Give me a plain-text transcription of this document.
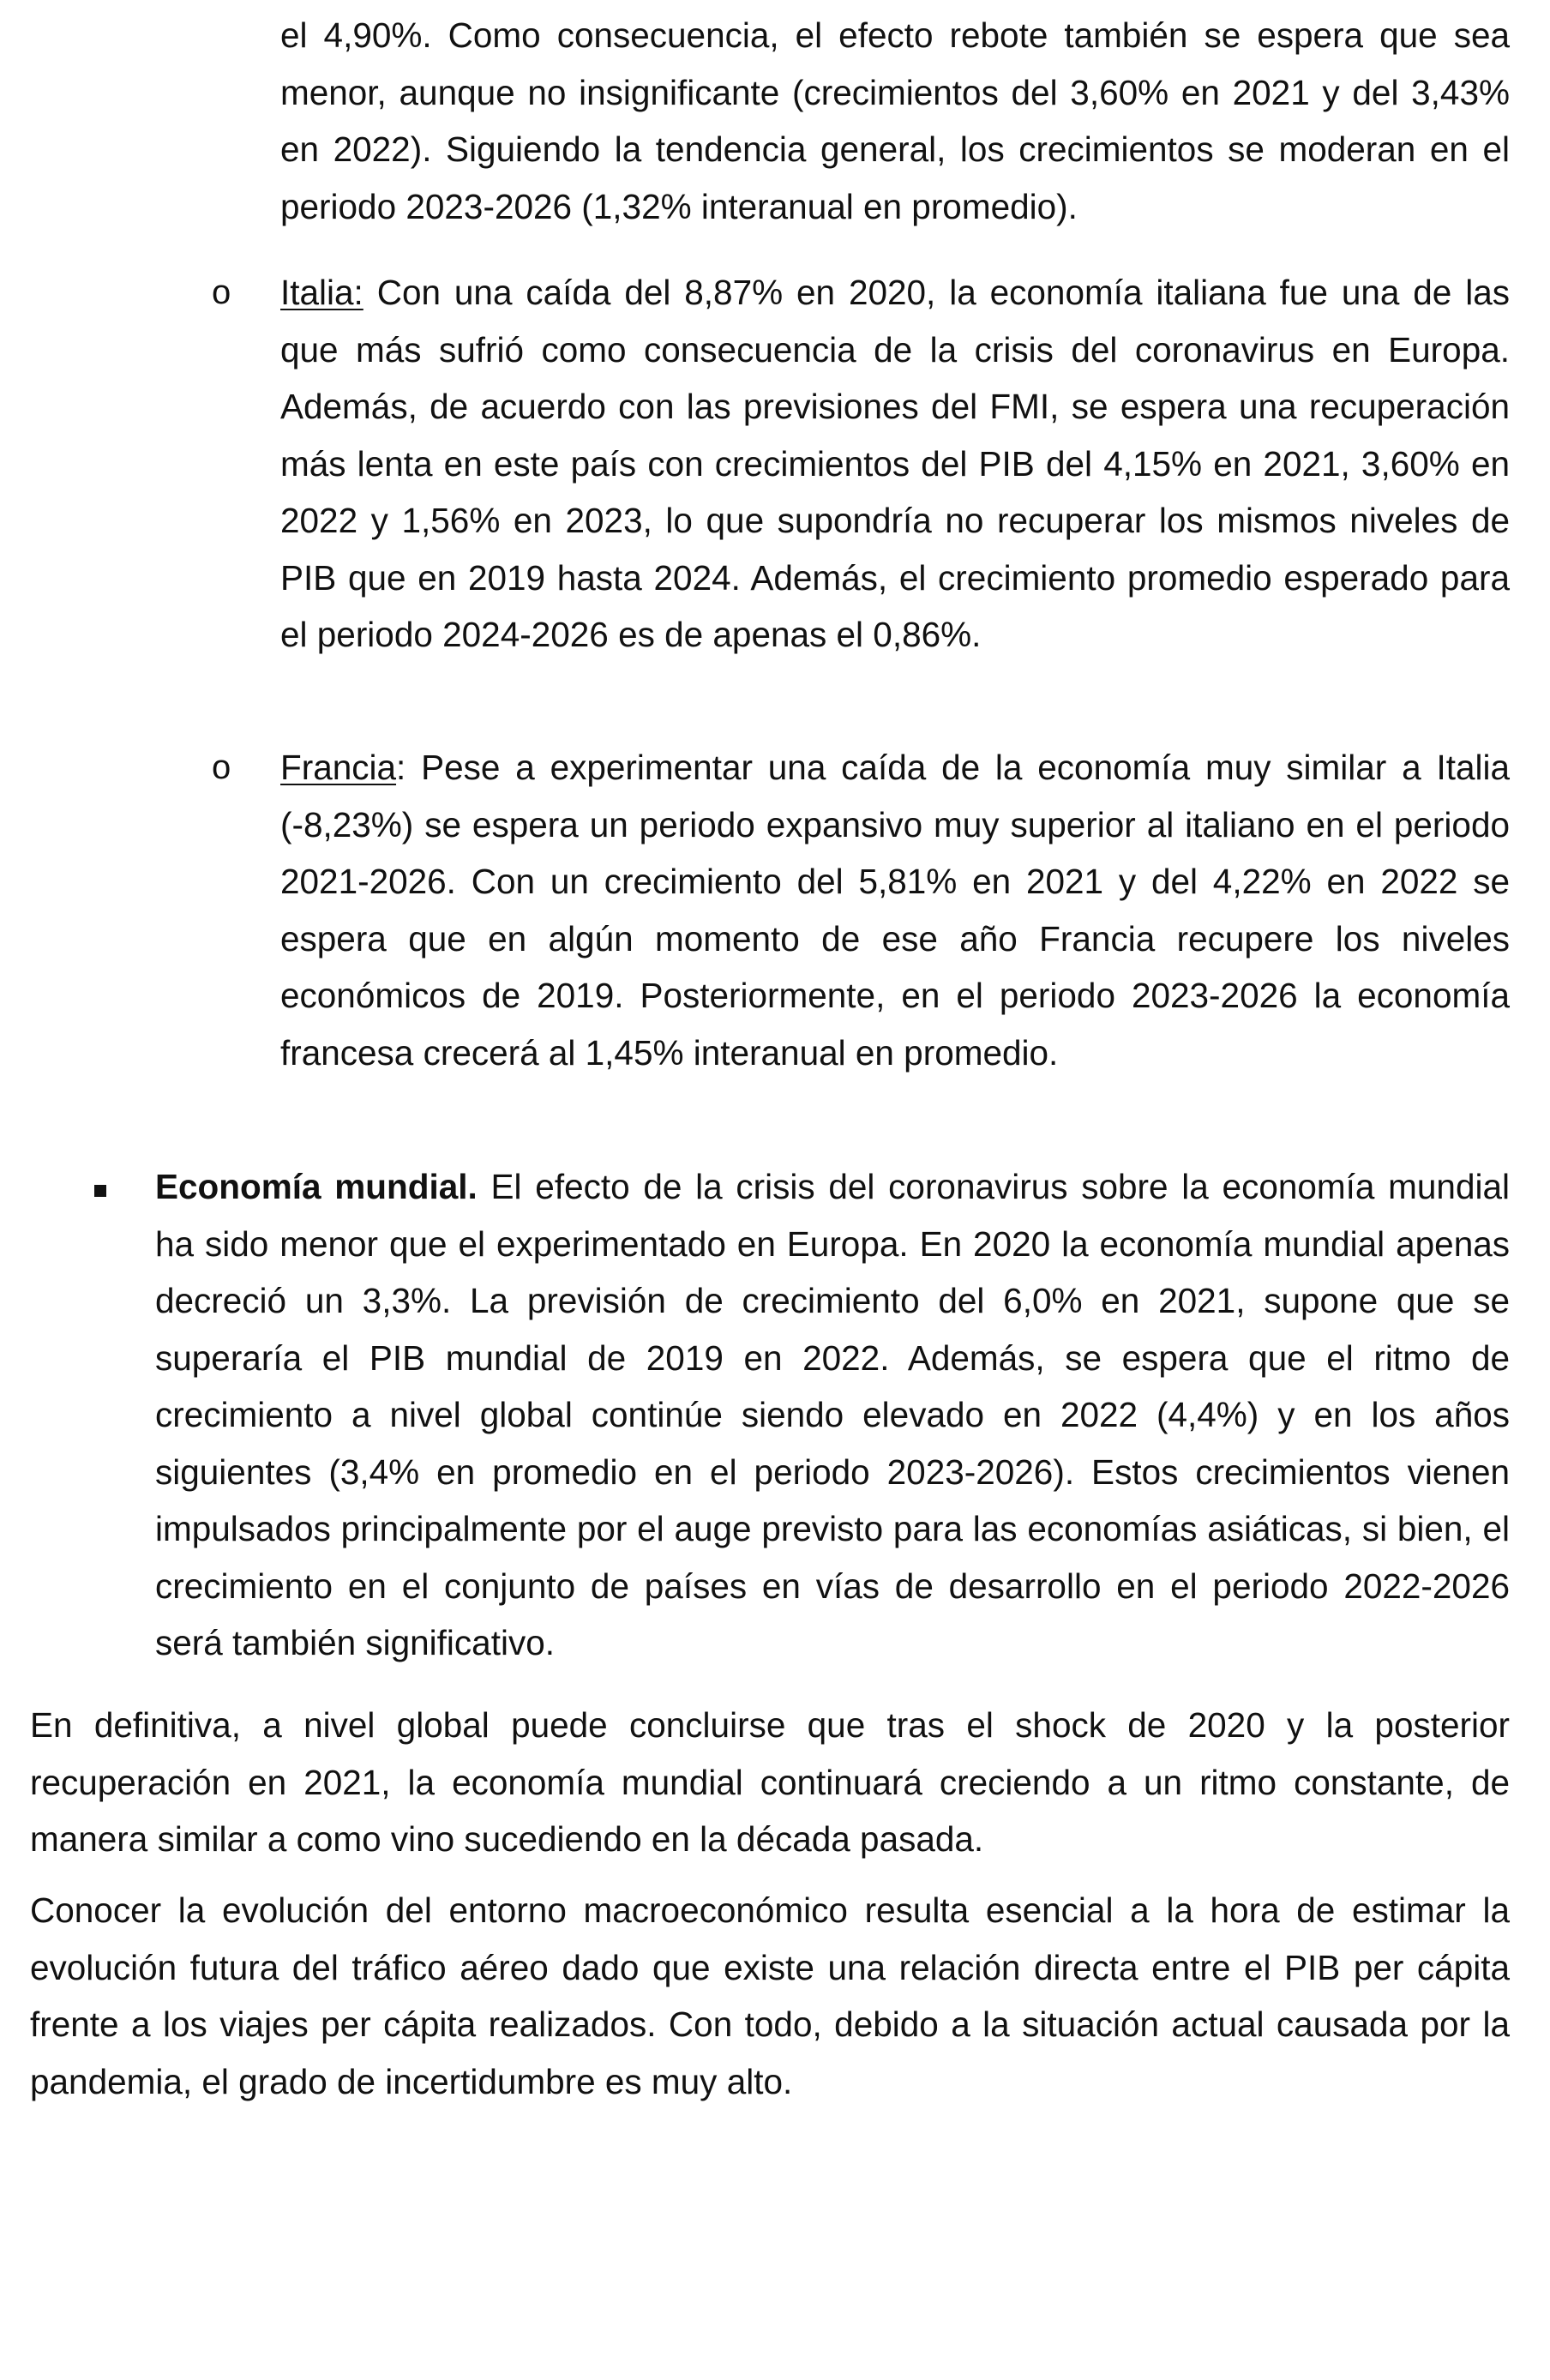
el 4,90%. Como consecuencia, el efecto rebote también se espera que sea menor, aunque no insignificante (crecimientos del 3,60% en 2021 y del 3,43% en 2022). Siguiendo la tendencia general, los crecimientos se moderan en el periodo 2023-2026 (1,32% interanual en promedio).

o Italia: Con una caída del 8,87% en 2020, la economía italiana fue una de las que más sufrió como consecuencia de la crisis del coronavirus en Europa. Además, de acuerdo con las previsiones del FMI, se espera una recuperación más lenta en este país con crecimientos del PIB del 4,15% en 2021, 3,60% en 2022 y 1,56% en 2023, lo que supondría no recuperar los mismos niveles de PIB que en 2019 hasta 2024. Además, el crecimiento promedio esperado para el periodo 2024-2026 es de apenas el 0,86%.

o Francia: Pese a experimentar una caída de la economía muy similar a Italia (-8,23%) se espera un periodo expansivo muy superior al italiano en el periodo 2021-2026. Con un crecimiento del 5,81% en 2021 y del 4,22% en 2022 se espera que en algún momento de ese año Francia recupere los niveles económicos de 2019. Posteriormente, en el periodo 2023-2026 la economía francesa crecerá al 1,45% interanual en promedio.

Economía mundial. El efecto de la crisis del coronavirus sobre la economía mundial ha sido menor que el experimentado en Europa. En 2020 la economía mundial apenas decreció un 3,3%. La previsión de crecimiento del 6,0% en 2021, supone que se superaría el PIB mundial de 2019 en 2022. Además, se espera que el ritmo de crecimiento a nivel global continúe siendo elevado en 2022 (4,4%) y en los años siguientes (3,4% en promedio en el periodo 2023-2026). Estos crecimientos vienen impulsados principalmente por el auge previsto para las economías asiáticas, si bien, el crecimiento en el conjunto de países en vías de desarrollo en el periodo 2022-2026 será también significativo.

En definitiva, a nivel global puede concluirse que tras el shock de 2020 y la posterior recuperación en 2021, la economía mundial continuará creciendo a un ritmo constante, de manera similar a como vino sucediendo en la década pasada.

Conocer la evolución del entorno macroeconómico resulta esencial a la hora de estimar la evolución futura del tráfico aéreo dado que existe una relación directa entre el PIB per cápita frente a los viajes per cápita realizados. Con todo, debido a la situación actual causada por la pandemia, el grado de incertidumbre es muy alto.
